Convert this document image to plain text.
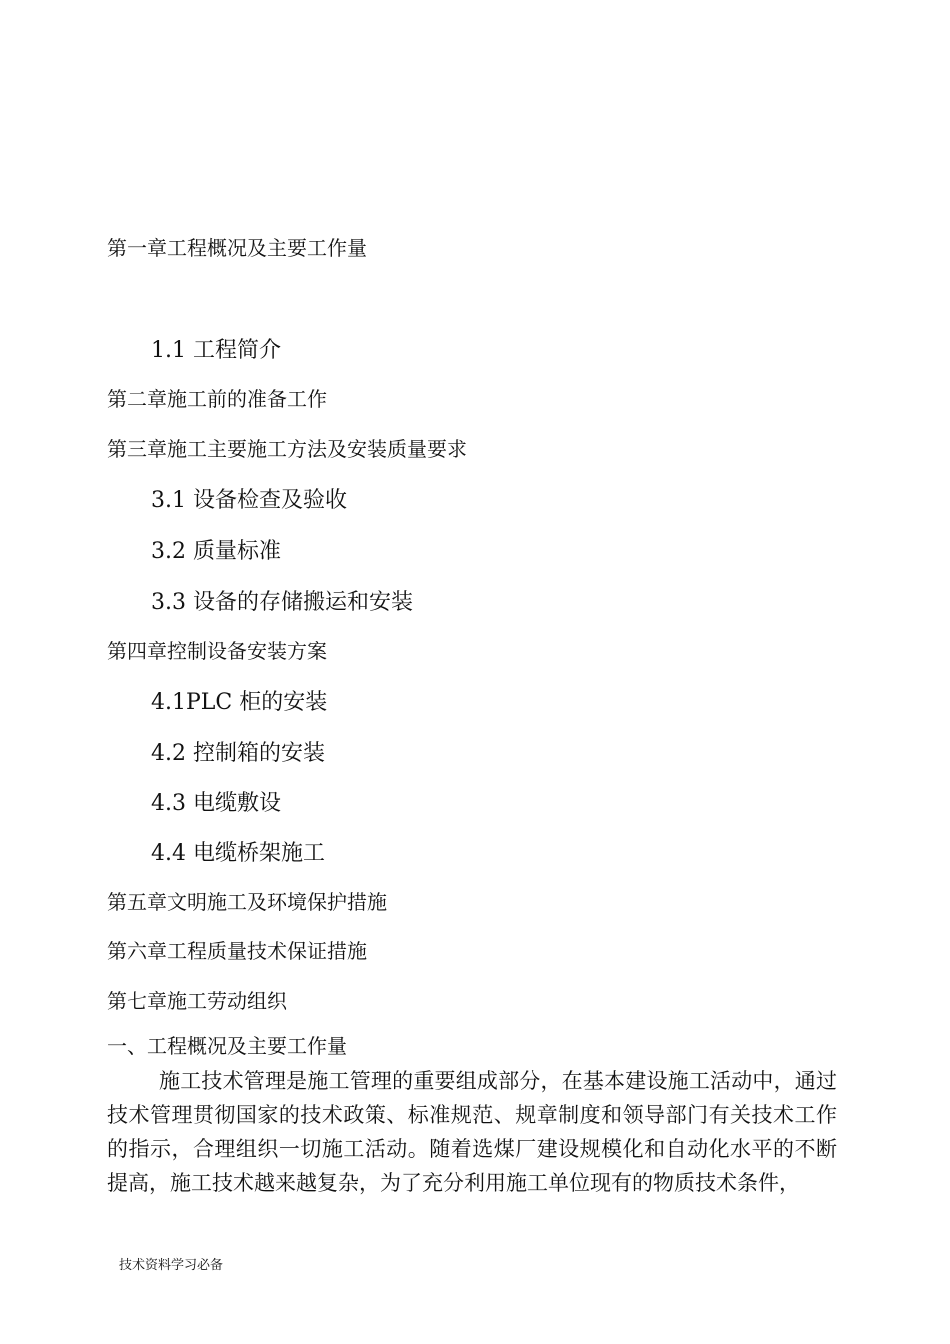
第一章工程概况及主要工作量
1.1 工程简介
第二章施工前的准备工作
第三章施工主要施工方法及安装质量要求
3.1 设备检查及验收
3.2 质量标准
3.3 设备的存储搬运和安装
第四章控制设备安装方案
4.1PLC 柜的安装
4.2 控制箱的安装
4.3 电缆敷设
4.4 电缆桥架施工
第五章文明施工及环境保护措施
第六章工程质量技术保证措施
第七章施工劳动组织
一、工程概况及主要工作量

施工技术管理是施工管理的重要组成部分，在基本建设施工活动中，通过技术管理贯彻国家的技术政策、标准规范、规章制度和领导部门有关技术工作的指示，合理组织一切施工活动。随着选煤厂建设规模化和自动化水平的不断提高，施工技术越来越复杂，为了充分利用施工单位现有的物质技术条件，

技术资料学习必备
